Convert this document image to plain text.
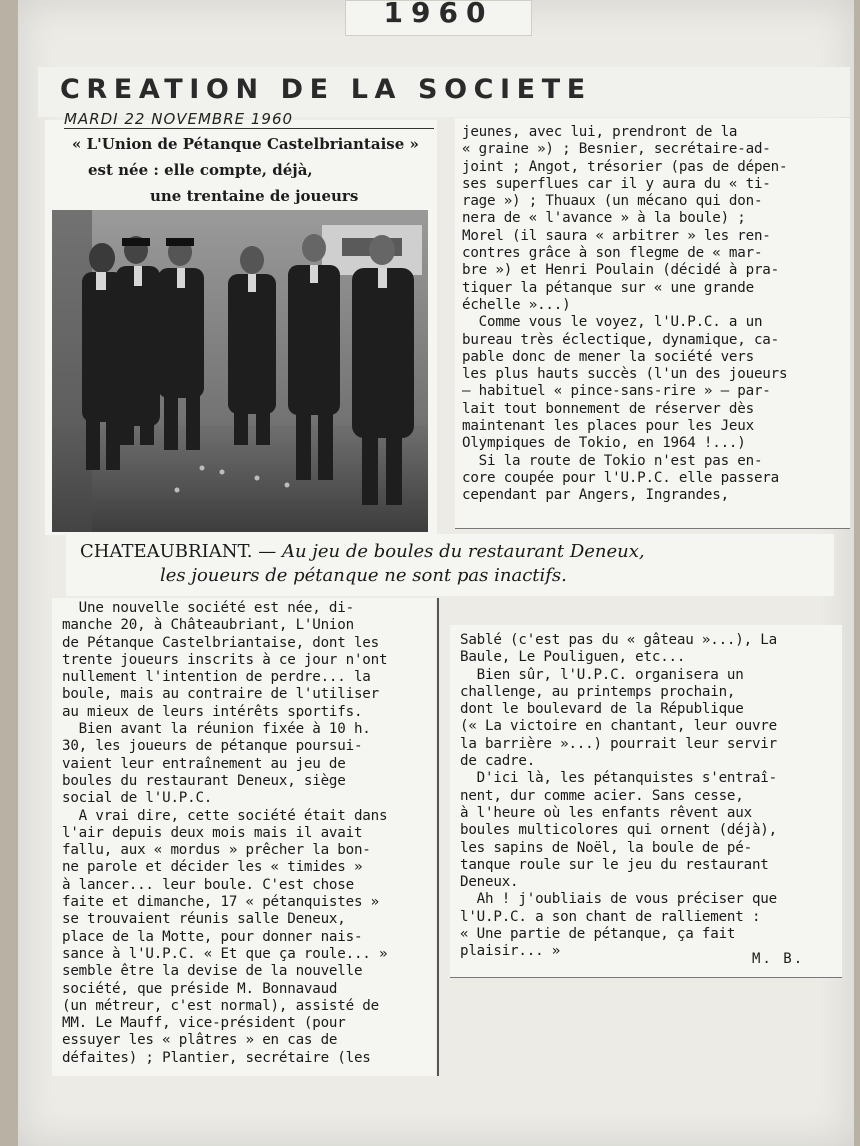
1960
CREATION DE LA SOCIETE
MARDI 22 NOVEMBRE 1960
« L'Union de Pétanque Castelbriantaise »
est née : elle compte, déjà,
une trentaine de joueurs
jeunes, avec lui, prendront de la
« graine ») ; Besnier, secrétaire-ad-
joint ; Angot, trésorier (pas de dépen-
ses superflues car il y aura du « ti-
rage ») ; Thuaux (un mécano qui don-
nera de « l'avance » à la boule) ;
Morel (il saura « arbitrer » les ren-
contres grâce à son flegme de « mar-
bre ») et Henri Poulain (décidé à pra-
tiquer la pétanque sur « une grande
échelle »...)
Comme vous le voyez, l'U.P.C. a un
bureau très éclectique, dynamique, ca-
pable donc de mener la société vers
les plus hauts succès (l'un des joueurs
— habituel « pince-sans-rire » — par-
lait tout bonnement de réserver dès
maintenant les places pour les Jeux
Olympiques de Tokio, en 1964 !...)
Si la route de Tokio n'est pas en-
core coupée pour l'U.P.C. elle passera
cependant par Angers, Ingrandes,
CHATEAUBRIANT. — Au jeu de boules du restaurant Deneux,
les joueurs de pétanque ne sont pas inactifs.
Une nouvelle société est née, di-
manche 20, à Châteaubriant, L'Union
de Pétanque Castelbriantaise, dont les
trente joueurs inscrits à ce jour n'ont
nullement l'intention de perdre... la
boule, mais au contraire de l'utiliser
au mieux de leurs intérêts sportifs.
Bien avant la réunion fixée à 10 h.
30, les joueurs de pétanque poursui-
vaient leur entraînement au jeu de
boules du restaurant Deneux, siège
social de l'U.P.C.
A vrai dire, cette société était dans
l'air depuis deux mois mais il avait
fallu, aux « mordus » prêcher la bon-
ne parole et décider les « timides »
à lancer... leur boule. C'est chose
faite et dimanche, 17 « pétanquistes »
se trouvaient réunis salle Deneux,
place de la Motte, pour donner nais-
sance à l'U.P.C. « Et que ça roule... »
semble être la devise de la nouvelle
société, que préside M. Bonnavaud
(un métreur, c'est normal), assisté de
MM. Le Mauff, vice-président (pour
essuyer les « plâtres » en cas de
défaites) ; Plantier, secrétaire (les
Sablé (c'est pas du « gâteau »...), La
Baule, Le Pouliguen, etc...
Bien sûr, l'U.P.C. organisera un
challenge, au printemps prochain,
dont le boulevard de la République
(« La victoire en chantant, leur ouvre
la barrière »...) pourrait leur servir
de cadre.
D'ici là, les pétanquistes s'entraî-
nent, dur comme acier. Sans cesse,
à l'heure où les enfants rêvent aux
boules multicolores qui ornent (déjà),
les sapins de Noël, la boule de pé-
tanque roule sur le jeu du restaurant
Deneux.
Ah ! j'oubliais de vous préciser que
l'U.P.C. a son chant de ralliement :
« Une partie de pétanque, ça fait
plaisir... »	M. B.
